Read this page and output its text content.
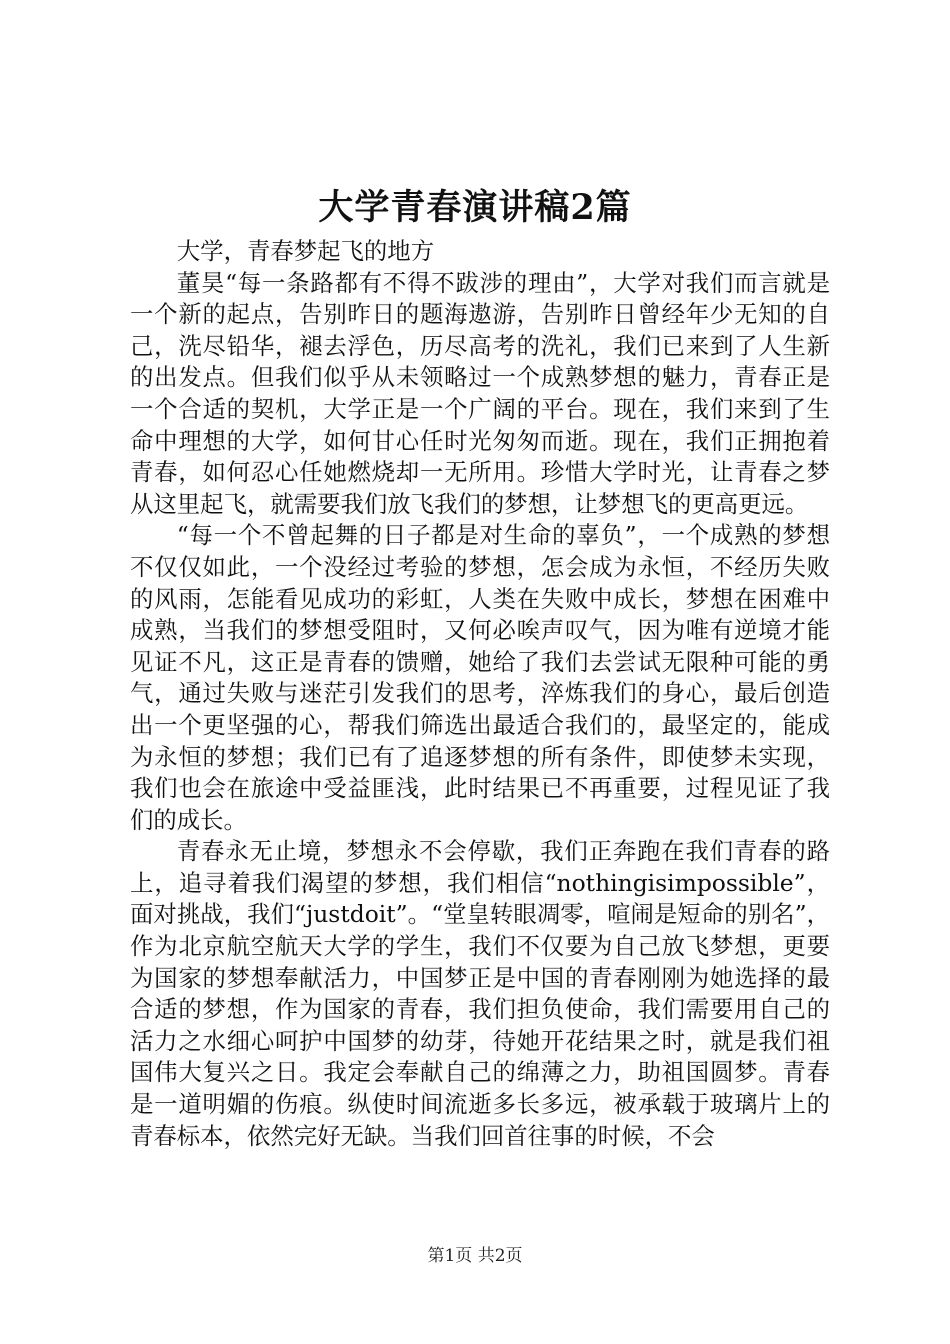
大学青春演讲稿2篇

大学，青春梦起飞的地方

董昊“每一条路都有不得不跋涉的理由”，大学对我们而言就是一个新的起点，告别昨日的题海遨游，告别昨日曾经年少无知的自己，洗尽铅华，褪去浮色，历尽高考的洗礼，我们已来到了人生新的出发点。但我们似乎从未领略过一个成熟梦想的魅力，青春正是一个合适的契机，大学正是一个广阔的平台。现在，我们来到了生命中理想的大学，如何甘心任时光匆匆而逝。现在，我们正拥抱着青春，如何忍心任她燃烧却一无所用。珍惜大学时光，让青春之梦从这里起飞，就需要我们放飞我们的梦想，让梦想飞的更高更远。

“每一个不曾起舞的日子都是对生命的辜负”，一个成熟的梦想不仅仅如此，一个没经过考验的梦想，怎会成为永恒，不经历失败的风雨，怎能看见成功的彩虹，人类在失败中成长，梦想在困难中成熟，当我们的梦想受阻时，又何必唉声叹气，因为唯有逆境才能见证不凡，这正是青春的馈赠，她给了我们去尝试无限种可能的勇气，通过失败与迷茫引发我们的思考，淬炼我们的身心，最后创造出一个更坚强的心，帮我们筛选出最适合我们的，最坚定的，能成为永恒的梦想；我们已有了追逐梦想的所有条件，即使梦未实现，我们也会在旅途中受益匪浅，此时结果已不再重要，过程见证了我们的成长。

青春永无止境，梦想永不会停歇，我们正奔跑在我们青春的路上，追寻着我们渴望的梦想，我们相信“nothingisimpossible”，面对挑战，我们“justdoit”。“堂皇转眼凋零，喧闹是短命的别名”，作为北京航空航天大学的学生，我们不仅要为自己放飞梦想，更要为国家的梦想奉献活力，中国梦正是中国的青春刚刚为她选择的最合适的梦想，作为国家的青春，我们担负使命，我们需要用自己的活力之水细心呵护中国梦的幼芽，待她开花结果之时，就是我们祖国伟大复兴之日。我定会奉献自己的绵薄之力，助祖国圆梦。青春是一道明媚的伤痕。纵使时间流逝多长多远，被承载于玻璃片上的青春标本，依然完好无缺。当我们回首往事的时候，不会

第1页 共2页
